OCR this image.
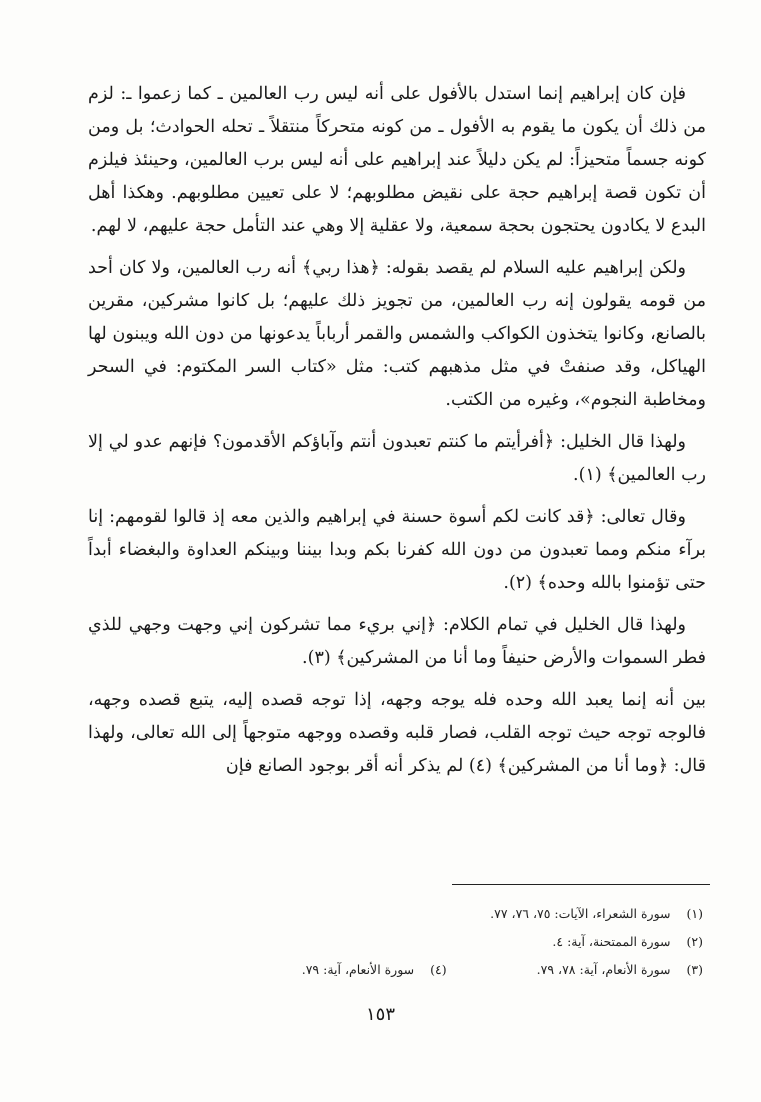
فإن كان إبراهيم إنما استدل بالأفول على أنه ليس رب العالمين ـ كما زعموا ـ: لزم من ذلك أن يكون ما يقوم به الأفول ـ من كونه متحركاً منتقلاً ـ تحله الحوادث؛ بل ومن كونه جسماً متحيزاً: لم يكن دليلاً عند إبراهيم على أنه ليس برب العالمين، وحينئذ فيلزم أن تكون قصة إبراهيم حجة على نقيض مطلوبهم؛ لا على تعيين مطلوبهم. وهكذا أهل البدع لا يكادون يحتجون بحجة سمعية، ولا عقلية إلا وهي عند التأمل حجة عليهم، لا لهم.

ولكن إبراهيم عليه السلام لم يقصد بقوله: ﴿هذا ربي﴾ أنه رب العالمين، ولا كان أحد من قومه يقولون إنه رب العالمين، من تجويز ذلك عليهم؛ بل كانوا مشركين، مقرين بالصانع، وكانوا يتخذون الكواكب والشمس والقمر أرباباً يدعونها من دون الله ويبنون لها الهياكل، وقد صنفتْ في مثل مذهبهم كتب: مثل «كتاب السر المكتوم: في السحر ومخاطبة النجوم»، وغيره من الكتب.

ولهذا قال الخليل: ﴿أفرأيتم ما كنتم تعبدون أنتم وآباؤكم الأقدمون؟ فإنهم عدو لي إلا رب العالمين﴾ (١).

وقال تعالى: ﴿قد كانت لكم أسوة حسنة في إبراهيم والذين معه إذ قالوا لقومهم: إنا برآء منكم ومما تعبدون من دون الله كفرنا بكم وبدا بيننا وبينكم العداوة والبغضاء أبداً حتى تؤمنوا بالله وحده﴾ (٢).

ولهذا قال الخليل في تمام الكلام: ﴿إني بريء مما تشركون إني وجهت وجهي للذي فطر السموات والأرض حنيفاً وما أنا من المشركين﴾ (٣).

بين أنه إنما يعبد الله وحده فله يوجه وجهه، إذا توجه قصده إليه، يتبع قصده وجهه، فالوجه توجه حيث توجه القلب، فصار قلبه وقصده ووجهه متوجهاً إلى الله تعالى، ولهذا قال: ﴿وما أنا من المشركين﴾ (٤) لم يذكر أنه أقر بوجود الصانع فإن

(١) سورة الشعراء، الآيات: ٧٥، ٧٦، ٧٧.
(٢) سورة الممتحنة، آية: ٤.
(٣) سورة الأنعام، آية: ٧٨، ٧٩.
(٤) سورة الأنعام، آية: ٧٩.
١٥٣
